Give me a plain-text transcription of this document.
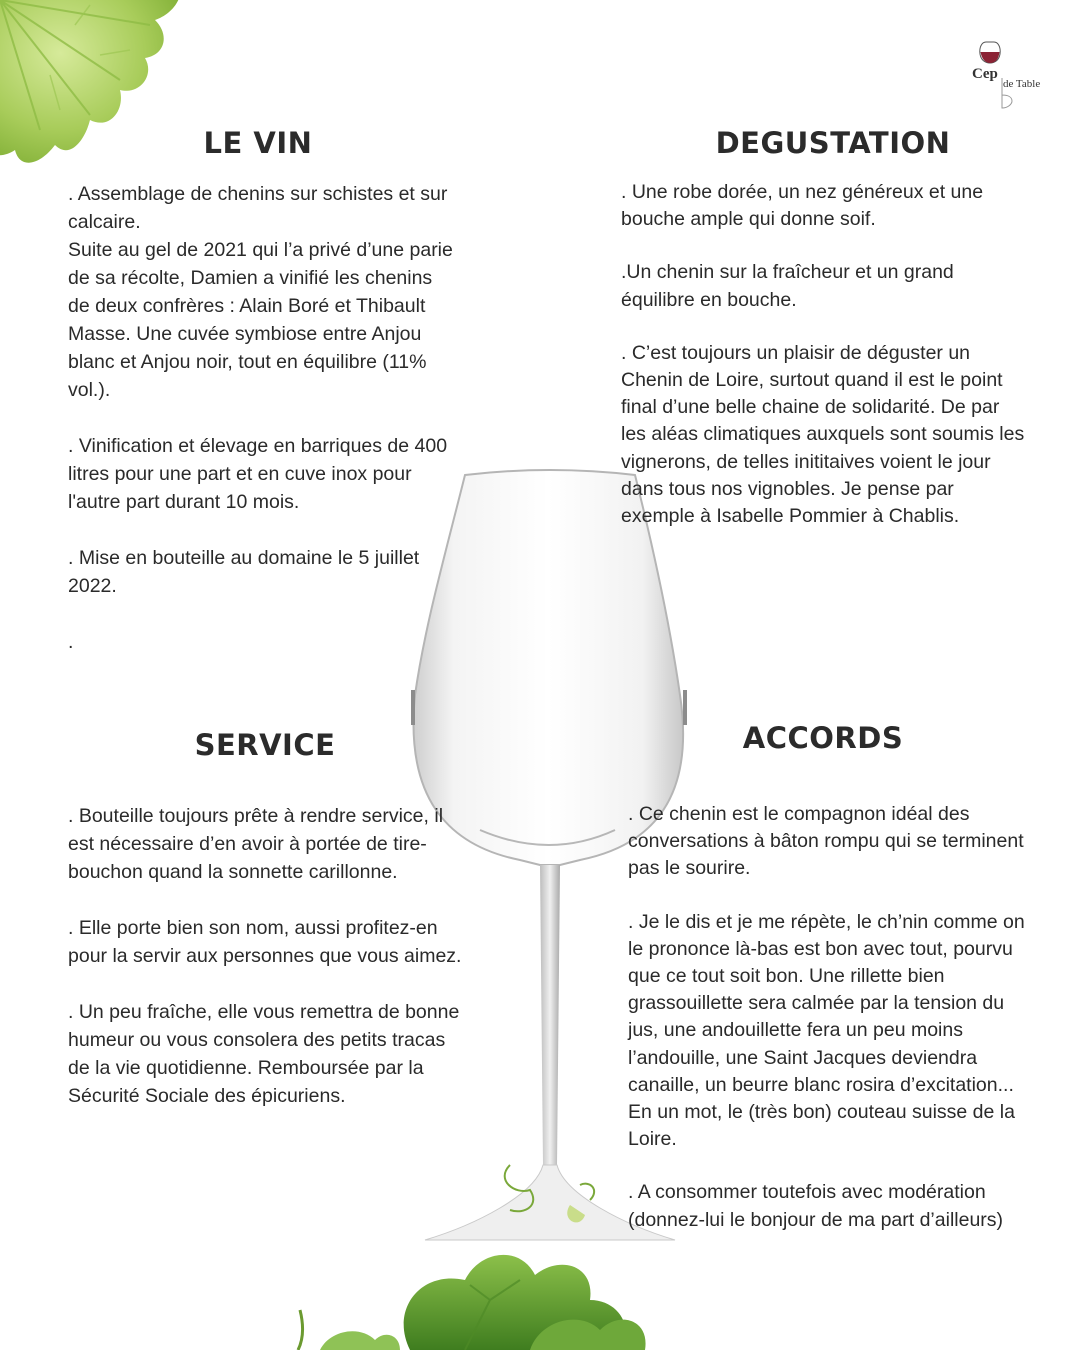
Cep
de Table
LE VIN

. Assemblage de chenins sur schistes et sur calcaire.
Suite au gel de 2021 qui l’a privé d’une parie de sa récolte, Damien a vinifié les chenins de deux confrères : Alain Boré et Thibault Masse. Une cuvée symbiose entre Anjou blanc et Anjou noir, tout en équilibre (11% vol.).

. Vinification et élevage en barriques de 400 litres pour une part et en cuve inox pour l'autre part durant 10 mois.

. Mise en bouteille au domaine le 5 juillet 2022.

.

DEGUSTATION

. Une robe dorée, un nez généreux et une bouche ample qui donne soif.

.Un chenin sur la fraîcheur et un grand équilibre en bouche.

. C’est toujours un plaisir de déguster un Chenin de Loire, surtout quand il est le point final d’une belle chaine de solidarité. De par les aléas climatiques auxquels sont soumis les vignerons, de telles inititaives voient le jour dans tous nos vignobles. Je pense par exemple à Isabelle Pommier à Chablis.

SERVICE

. Bouteille toujours prête à rendre service, il est nécessaire d’en avoir à portée de tire-bouchon quand la sonnette carillonne.

. Elle porte bien son nom, aussi profitez-en pour la servir aux personnes que vous aimez.

. Un peu fraîche, elle vous remettra de bonne humeur ou vous consolera des petits tracas de la vie quotidienne. Remboursée par la Sécurité Sociale des épicuriens.

ACCORDS

. Ce chenin est le compagnon idéal des conversations à bâton rompu qui se terminent pas le sourire.

. Je le dis et je me répète, le ch’nin comme on le prononce là-bas est bon avec tout, pourvu que ce tout soit bon. Une rillette bien grassouillette sera calmée par la tension du jus, une andouillette fera un peu moins l’andouille, une Saint Jacques deviendra canaille, un beurre blanc rosira d’excitation... En un mot, le (très bon) couteau suisse de la Loire.

. A consommer toutefois avec modération (donnez-lui le bonjour de ma part d’ailleurs)
